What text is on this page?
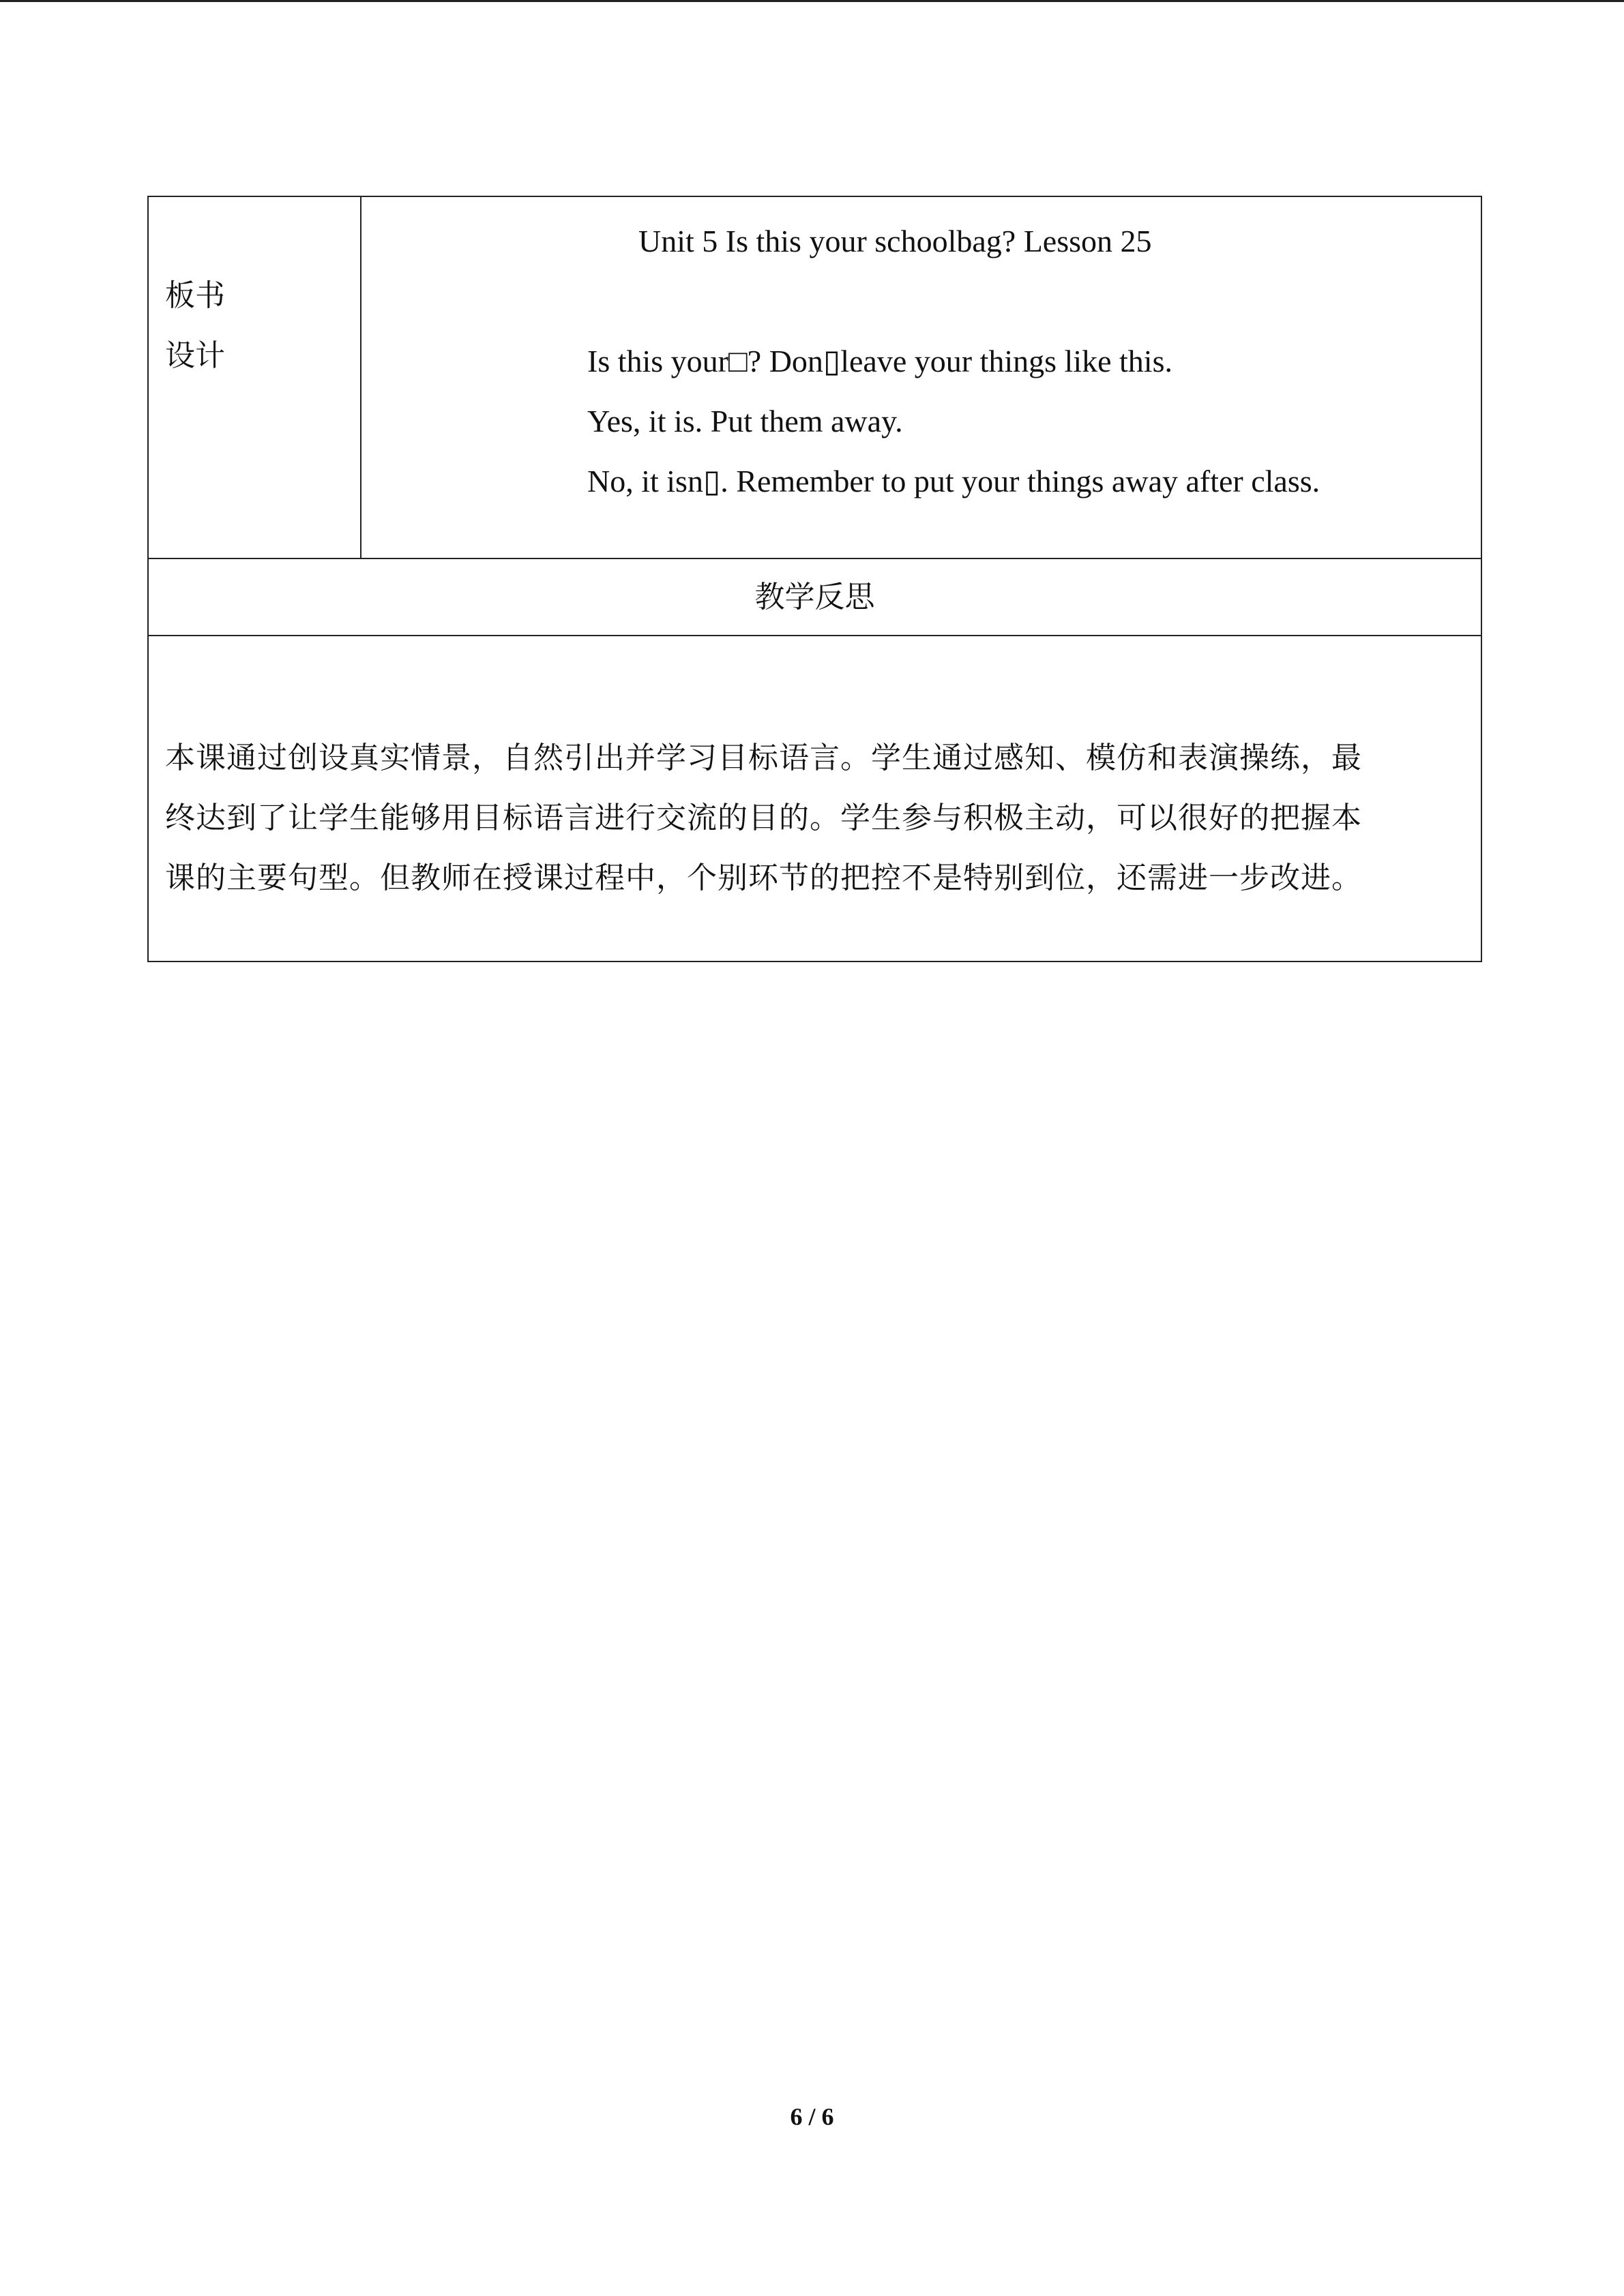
板书
设计
Unit 5 Is this your schoolbag? Lesson 25
Is this your□? Don▯leave your things like this.
Yes, it is. Put them away.
No, it isn▯. Remember to put your things away after class.
教学反思
本课通过创设真实情景，自然引出并学习目标语言。学生通过感知、模仿和表演操练，最
终达到了让学生能够用目标语言进行交流的目的。学生参与积极主动，可以很好的把握本
课的主要句型。但教师在授课过程中，个别环节的把控不是特别到位，还需进一步改进。
6 / 6
